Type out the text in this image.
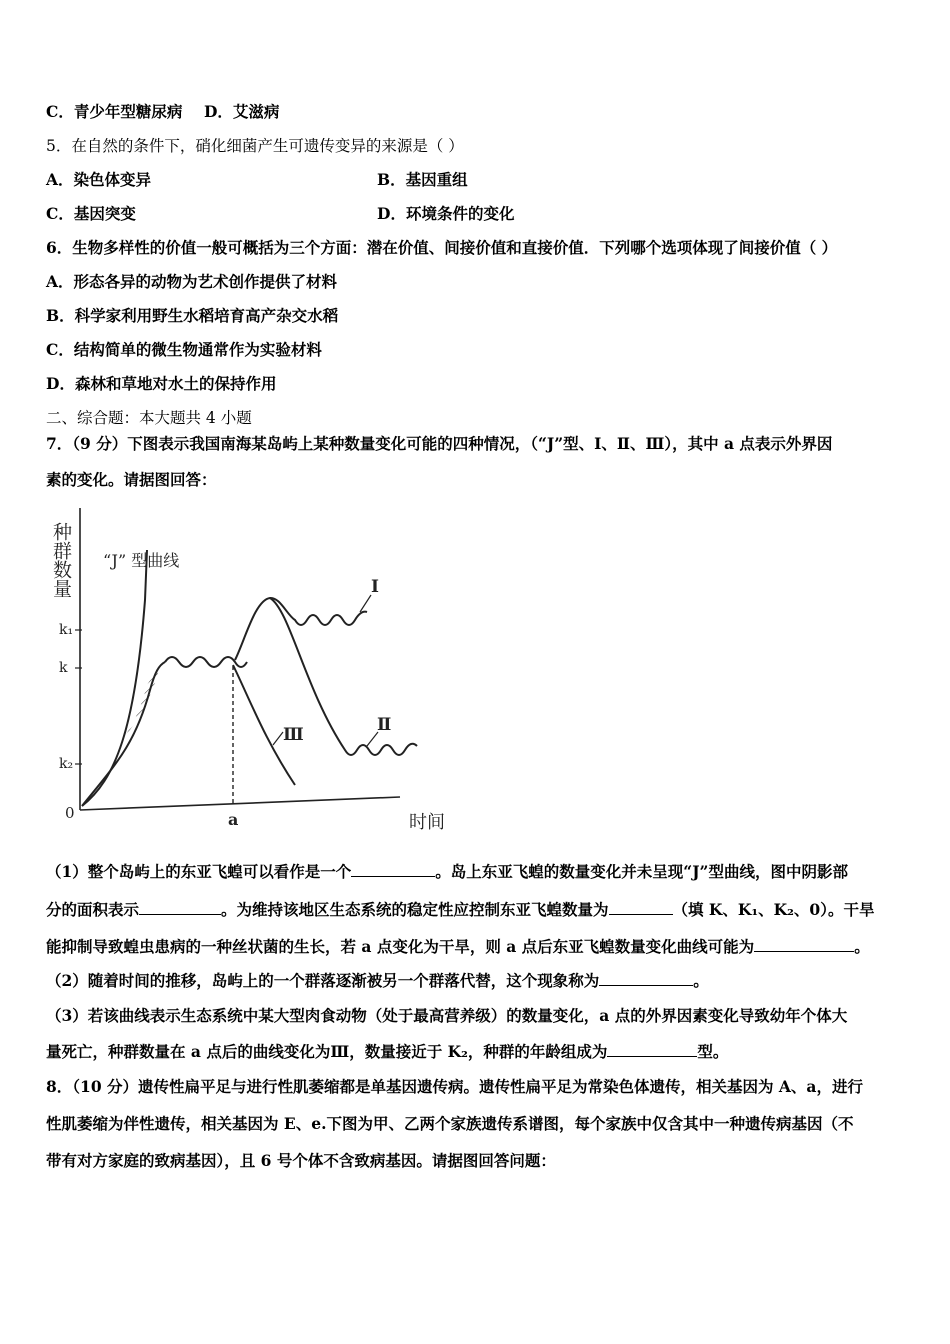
C．青少年型糖尿病 D．艾滋病
5．在自然的条件下，硝化细菌产生可遗传变异的来源是（ ）
A．染色体变异	B．基因重组
C．基因突变	D．环境条件的变化
6．生物多样性的价值一般可概括为三个方面：潜在价值、间接价值和直接价值．下列哪个选项体现了间接价值（ ）
A．形态各异的动物为艺术创作提供了材料
B．科学家利用野生水稻培育高产杂交水稻
C．结构简单的微生物通常作为实验材料
D．森林和草地对水土的保持作用
二、综合题：本大题共 4 小题
7．（9 分）下图表示我国南海某岛屿上某种数量变化可能的四种情况，（“J”型、Ⅰ、Ⅱ、Ⅲ），其中 a 点表示外界因
素的变化。请据图回答：
种群数量
k₁
k
k₂
0	a	时间
“J” 型曲线
Ⅰ
Ⅱ
Ⅲ
（1）整个岛屿上的东亚飞蝗可以看作是一个	。岛上东亚飞蝗的数量变化并未呈现“J”型曲线，图中阴影部
分的面积表示	。为维持该地区生态系统的稳定性应控制东亚飞蝗数量为	（填 K、K₁、K₂、0）。干旱
能抑制导致蝗虫患病的一种丝状菌的生长，若 a 点变化为干旱，则 a 点后东亚飞蝗数量变化曲线可能为	。
（2）随着时间的推移，岛屿上的一个群落逐渐被另一个群落代替，这个现象称为	。
（3）若该曲线表示生态系统中某大型肉食动物（处于最高营养级）的数量变化，a 点的外界因素变化导致幼年个体大
量死亡，种群数量在 a 点后的曲线变化为Ⅲ，数量接近于 K₂，种群的年龄组成为	型。
8．（10 分）遗传性扁平足与进行性肌萎缩都是单基因遗传病。遗传性扁平足为常染色体遗传，相关基因为 A、a，进行
性肌萎缩为伴性遗传，相关基因为 E、e.下图为甲、乙两个家族遗传系谱图，每个家族中仅含其中一种遗传病基因（不
带有对方家庭的致病基因），且 6 号个体不含致病基因。请据图回答问题：
